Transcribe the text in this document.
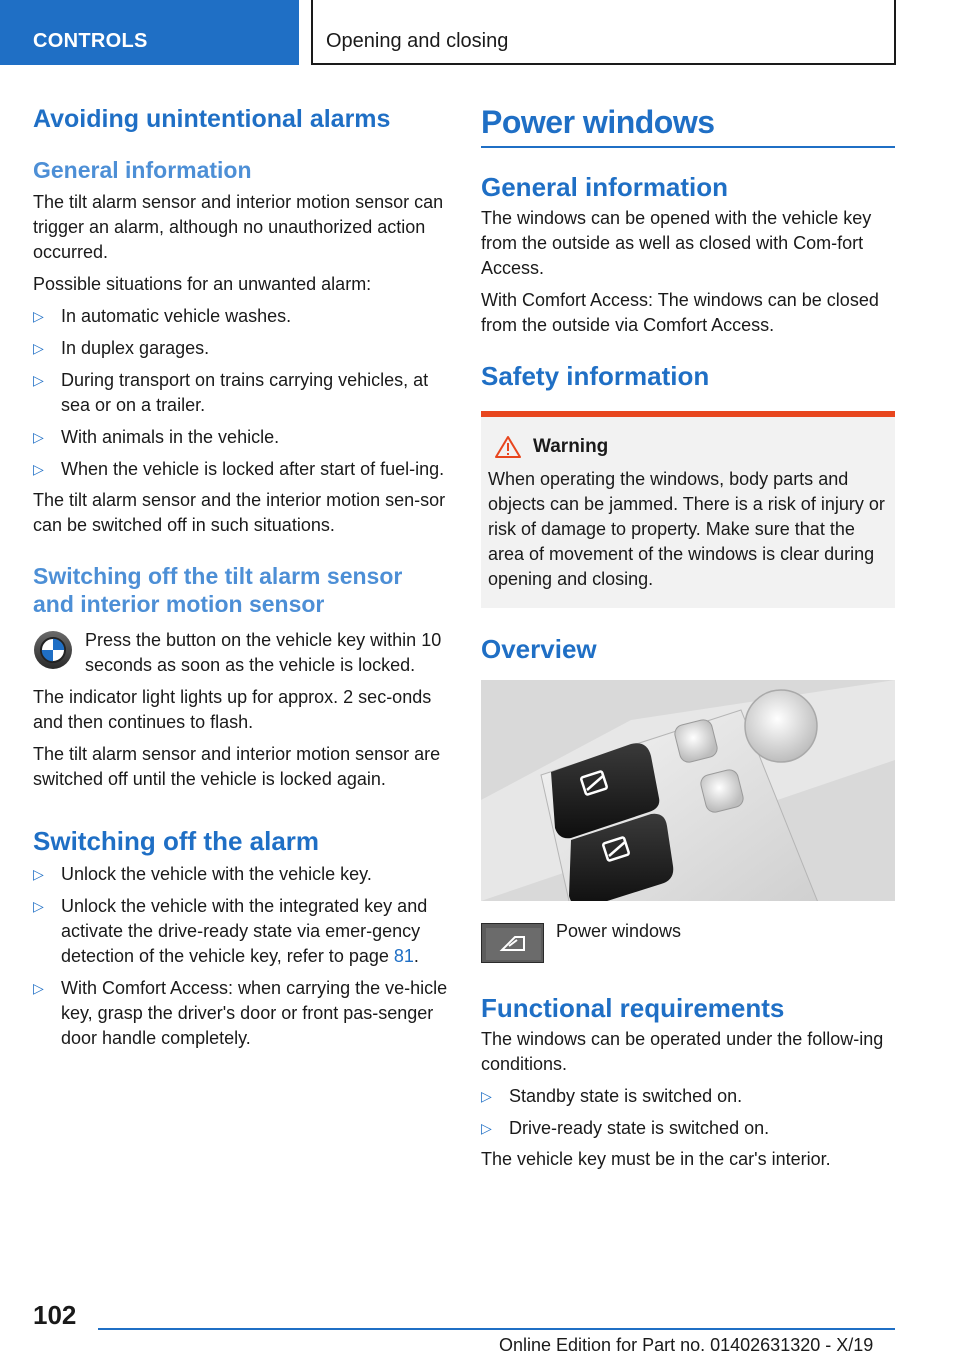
CONTROLS	Opening and closing
Avoiding unintentional alarms
General information
The tilt alarm sensor and interior motion sensor can trigger an alarm, although no unauthorized action occurred.
Possible situations for an unwanted alarm:
▷ In automatic vehicle washes.
▷ In duplex garages.
▷ During transport on trains carrying vehicles, at sea or on a trailer.
▷ With animals in the vehicle.
▷ When the vehicle is locked after start of fuel-ing.
The tilt alarm sensor and the interior motion sen-sor can be switched off in such situations.
Switching off the tilt alarm sensor and interior motion sensor
Press the button on the vehicle key within 10 seconds as soon as the vehicle is locked.
The indicator light lights up for approx. 2 sec-onds and then continues to flash.
The tilt alarm sensor and interior motion sensor are switched off until the vehicle is locked again.
Switching off the alarm
▷ Unlock the vehicle with the vehicle key.
▷ Unlock the vehicle with the integrated key and activate the drive-ready state via emer-gency detection of the vehicle key, refer to page 81.
▷ With Comfort Access: when carrying the ve-hicle key, grasp the driver's door or front pas-senger door handle completely.
Power windows
General information
The windows can be opened with the vehicle key from the outside as well as closed with Com-fort Access.
With Comfort Access: The windows can be closed from the outside via Comfort Access.
Safety information
Warning
When operating the windows, body parts and objects can be jammed. There is a risk of injury or risk of damage to property. Make sure that the area of movement of the windows is clear during opening and closing.
Overview
Power windows
Functional requirements
The windows can be operated under the follow-ing conditions.
▷ Standby state is switched on.
▷ Drive-ready state is switched on.
The vehicle key must be in the car's interior.
102
Online Edition for Part no. 01402631320 - X/19
